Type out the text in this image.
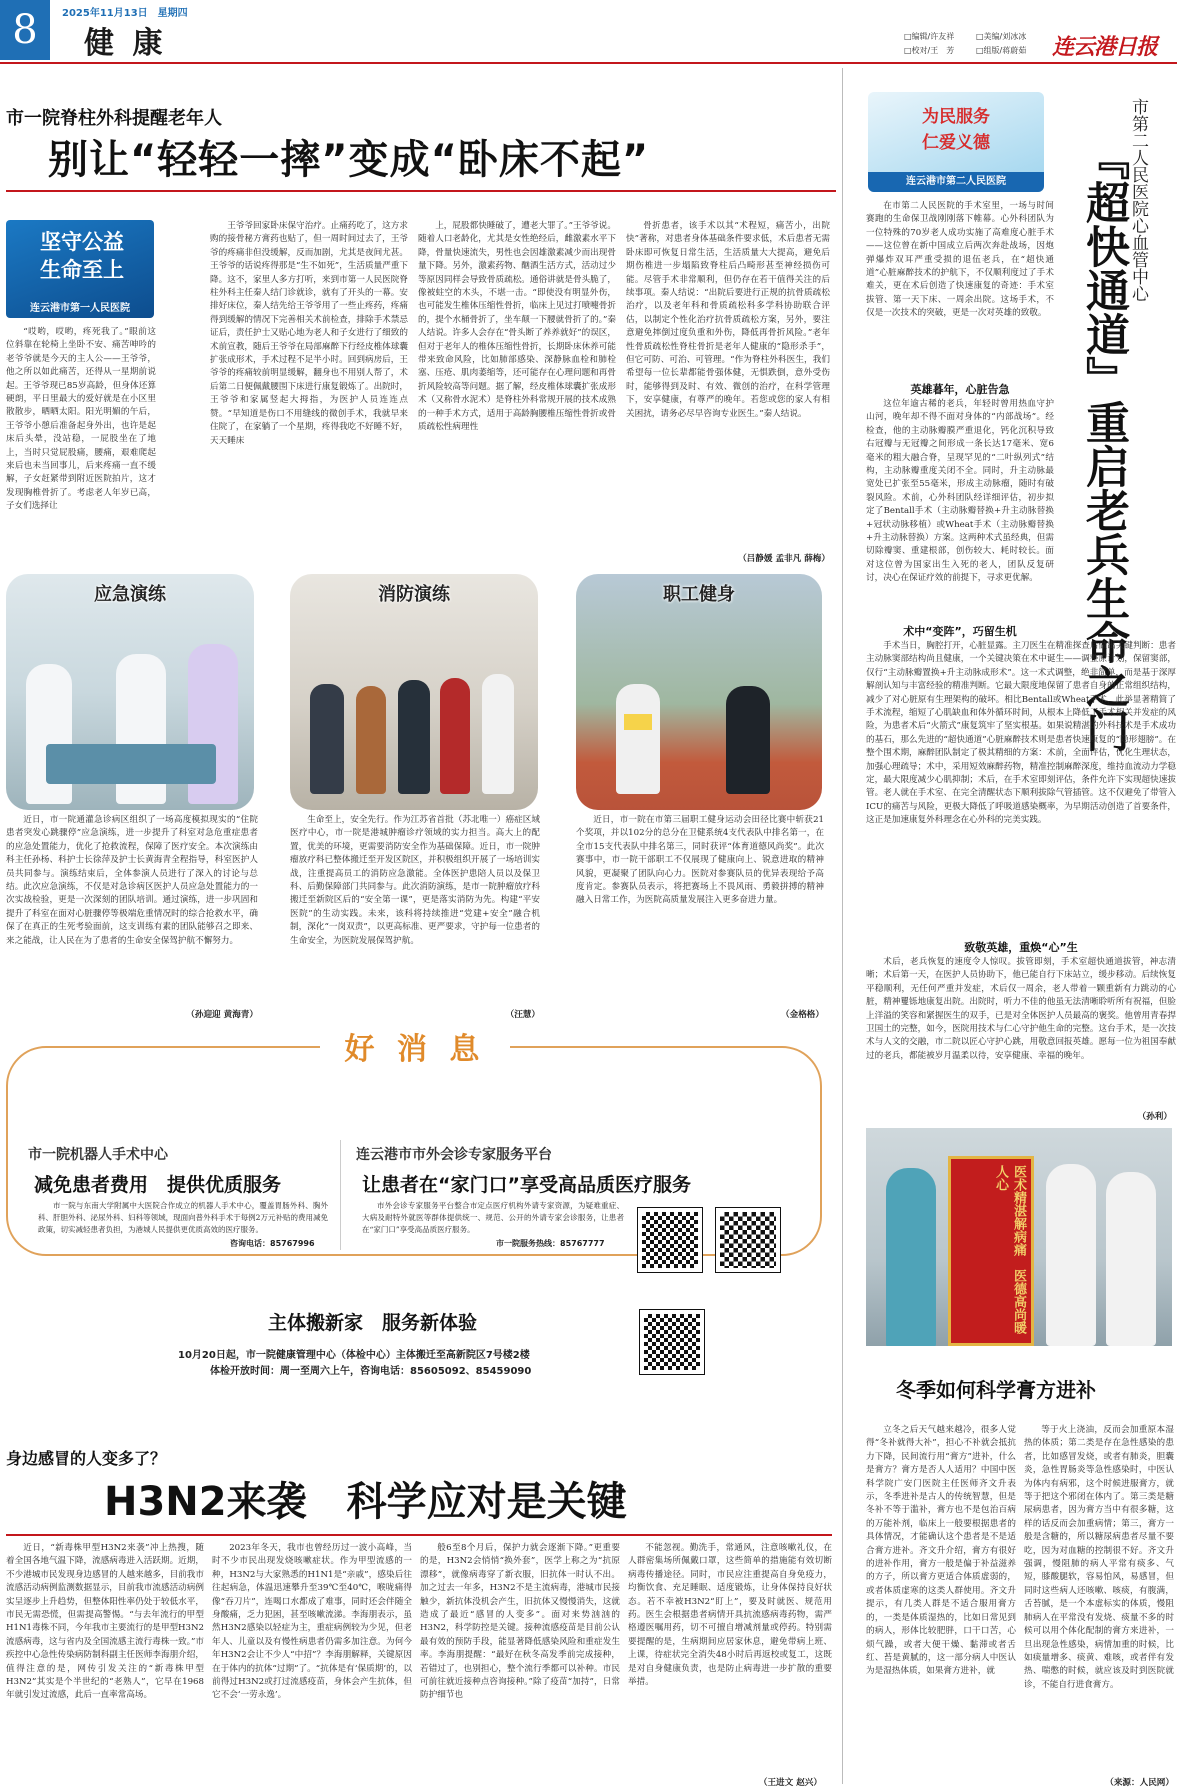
8	2025年11月13日　星期四
健 康	□编辑/许友祥	□美编/刘冰冰
□校对/王　芳	□组版/蒋蔚茹	连云港日报
市一院脊柱外科提醒老年人
别让“轻轻一摔”变成“卧床不起”
坚守公益
生命至上
连云港市第一人民医院

“哎哟，哎哟，疼死我了。”眼前这位斜靠在轮椅上坐卧不安、痛苦呻吟的老爷爷就是今天的主人公——王爷爷，他之所以如此痛苦，还得从一星期前说起。王爷爷现已85岁高龄，但身体还算硬朗，平日里最大的爱好就是在小区里散散步，晒晒太阳。阳光明媚的午后，王爷爷小憩后准备起身外出，也许是起床后头晕，没站稳，一屁股坐在了地上，当时只觉屁股痛，腰痛，艰难爬起来后也未当回事儿，后来疼痛一直不缓解，子女赶紧带到附近医院拍片，这才发现胸椎骨折了。考虑老人年岁已高，子女们选择让

王爷爷回家卧床保守治疗。止痛药吃了，这方求购的接骨秘方膏药也贴了，但一周时间过去了，王爷爷的疼痛非但没缓解，反而加剧，尤其是夜间尤甚。王爷爷的话说疼得那是“生不如死”，生活质量严重下降。这不，家里人多方打听，来到市第一人民医院脊柱外科主任秦人结门诊就诊，就有了开头的一幕。安排好床位，秦人结先给王爷爷用了一些止疼药，疼痛得到缓解的情况下完善相关术前检查，排除手术禁忌证后，责任护士又贴心地为老人和子女进行了细致的术前宣教，随后王爷爷在局部麻醉下行经皮椎体球囊扩张成形术，手术过程不足半小时。回到病房后，王爷爷的疼痛较前明显缓解，翻身也不用别人帮了，术后第二日便佩戴腰围下床进行康复锻炼了。出院时，王爷爷和家属竖起大拇指，为医护人员连连点赞。“早知道是伤口不用缝线的微创手术，我就早来住院了，在家躺了一个星期，疼得我吃不好睡不好，天天睡床

上，屁股都快睡破了，遭老大罪了。”王爷爷说。随着人口老龄化，尤其是女性绝经后，雌激素水平下降，骨量快速流失，男性也会因雄激素减少而出现骨量下降。另外，激素药物、酗酒生活方式，活动过少等原因同样会导致骨质疏松。通俗讲就是骨头脆了，像被蛀空的木头，不堪一击。“即使没有明显外伤，也可能发生椎体压缩性骨折，临床上见过打喷嚏骨折的，提个水桶骨折了，坐车颠一下腰就骨折了的。”秦人结说。许多人会存在“骨头断了养养就好”的误区，但对于老年人的椎体压缩性骨折，长期卧床休养可能带来致命风险，比如肺部感染、深静脉血栓和肺栓塞、压疮、肌肉萎缩等，还可能存在心理问题和再骨折风险较高等问题。据了解，经皮椎体球囊扩张成形术（又称骨水泥术）是脊柱外科常规开展的技术成熟的一种手术方式，适用于高龄胸腰椎压缩性骨折或骨质疏松性病理性

骨折患者，该手术以其“术程短，痛苦小，出院快”著称，对患者身体基础条件要求低，术后患者无需卧床即可恢复日常生活，生活质量大大提高，避免后期伤椎进一步塌陷致脊柱后凸畸形甚至神经损伤可能。尽管手术非常顺利，但仍存在若干值得关注的后续事项。秦人结说：“出院后要进行正规的抗骨质疏松治疗，以及老年科和骨质疏松科多学科协助联合评估，以制定个性化治疗抗骨质疏松方案，另外，要注意避免摔倒过度负重和外伤，降低再骨折风险。”老年性骨质疏松性脊柱骨折是老年人健康的“隐形杀手”，但它可防、可治、可管理。“作为脊柱外科医生，我们希望每一位长辈都能骨强体健，无惧跌倒，意外受伤时，能够得到及时、有效、微创的治疗，在科学管理下，安享健康，有尊严的晚年。若您或您的家人有相关困扰，请务必尽早咨询专业医生。”秦人结说。

（吕静媛 孟非凡 薛梅）
应急演练	消防演练	职工健身

近日，市一院通灌急诊病区组织了一场高度模拟现实的“住院患者突发心跳骤停”应急演练，进一步提升了科室对急危重症患者的应急处置能力，优化了抢救流程，保障了医疗安全。本次演练由科主任孙杨、科护士长徐萍及护士长黄海青全程指导，科室医护人员共同参与。演练结束后，全体参演人员进行了深入的讨论与总结。此次应急演练，不仅是对急诊病区医护人员应急处置能力的一次实战检验，更是一次深刻的团队培训。通过演练，进一步巩固和提升了科室在面对心脏骤停等极端危重情况时的综合抢救水平，确保了在真正的生死考验面前，这支训练有素的团队能够召之即来、来之能战，让人民在为了患者的生命安全保驾护航不懈努力。

（孙迎迎 黄海青）

生命至上，安全先行。作为江苏省首批（苏北唯一）癌症区域医疗中心，市一院是港城肿瘤诊疗领域的实力担当。高大上的配置，优美的环境，更需要消防安全作为基础保障。近日，市一院肿瘤放疗科已整体搬迁至开发区院区，并积极组织开展了一场培训实战，注重提高员工的消防应急激能。全体医护患陪人员以及保卫科、后勤保障部门共同参与。此次消防演练，是市一院肿瘤放疗科搬迁至新院区后的“安全第一课”，更是落实消防为先。构建“平安医院”的生动实践。未来，该科将持续推进“党建+安全”融合机制，深化“一岗双责”，以更高标准、更严要求，守护每一位患者的生命安全，为医院发展保驾护航。

（汪慧）

近日，市一院在市第三届职工健身运动会田径比赛中斩获21个奖项，并以102分的总分在卫健系统4支代表队中排名第一，在全市15支代表队中排名第三，同时获评“体育道德风尚奖”。此次赛事中，市一院干部职工不仅展现了健康向上、锐意进取的精神风貌，更凝聚了团队向心力。医院对参赛队员的优异表现给予高度肯定。参赛队员表示，将把赛场上不畏风雨、勇毅拼搏的精神融入日常工作，为医院高质量发展注入更多奋进力量。

（金格格）
好 消 息
市一院机器人手术中心
减免患者费用　提供优质服务

市一院与东南大学附属中大医院合作成立的机器人手术中心，覆盖胃肠外科、胸外科、肝胆外科、泌尿外科、妇科等领域，现面向普外科手术于每例2万元补贴的费用减免政策，切实减轻患者负担，为港城人民提供更优质高效的医疗服务。

咨询电话：85767996
连云港市市外会诊专家服务平台
让患者在“家门口”享受高品质医疗服务

市外会诊专家服务平台整合市定点医疗机构外请专家资源，为疑难重症、大病及耐特外就医等群体提供统一、规范、公开的外请专家会诊服务，让患者在“家门口”享受高品质医疗服务。

市一院服务热线：85767777
主体搬新家　服务新体验
10月20日起，市一院健康管理中心（体检中心）主体搬迁至高新院区7号楼2楼
体检开放时间：周一至周六上午，咨询电话：85605092、85459090
身边感冒的人变多了？
H3N2来袭　科学应对是关键

近日，“新毒株甲型H3N2来袭”冲上热搜，随着全国各地气温下降，流感病毒进入活跃期。近期，不少港城市民发现身边感冒的人越来越多，目前我市流感活动病例监测数据显示，目前我市流感活动病例实呈逐步上升趋势，但整体阳性率仍处于较低水平，市民无需恐慌，但需提高警惕。“与去年流行的甲型H1N1毒株不同，今年我市主要流行的是甲型H3N2流感病毒，这与省内及全国流感主流行毒株一致。”市疾控中心急性传染病防制科副主任医师李海朋介绍，值得注意的是，网传引发关注的“新毒株甲型H3N2”其实是个半世纪的“老熟人”，它早在1968年就引发过流感，此后一直率常高场。

2023年冬天，我市也曾经历过一波小高峰，当时不少市民出现发烧咳嗽症状。作为甲型流感的一种，H3N2与大家熟悉的H1N1是“亲戚”，感染后往往起病急，体温迅速攀升至39℃至40℃，喉咙痛得像“吞刀片”，连喝口水都成了难事，同时还会伴随全身酸痛，乏力犯困，甚至咳嗽流涕。李海朋表示，虽然H3N2感染以轻症为主，重症病例较为少见，但老年人、儿童以及有慢性病患者仍需多加注意。为何今年H3N2会让不少人“中招”？李海朋解释，关键原因在于体内的抗体“过期”了。“抗体是有‘保质期’的，以前得过H3N2或打过流感疫苗，身体会产生抗体，但它不会‘一劳永逸’。

般6至8个月后，保护力就会逐渐下降。”更重要的是，H3N2会悄悄“换外套”，医学上称之为“抗原漂移”，就像病毒穿了新衣服，旧抗体一时认不出。加之过去一年多，H3N2不是主流病毒，港城市民接触少，新抗体没机会产生，旧抗体又慢慢消失，这就造成了最近“感冒的人变多”。面对来势汹汹的H3N2，科学防控是关键。接种流感疫苗是目前公认最有效的预防手段，能显著降低感染风险和重症发生率。李海朋提醒：“最好在秋冬高发季前完成接种，若错过了，也别担心，整个流行季都可以补种。市民可前往就近接种点咨询接种。”除了疫苗“加持”，日常防护细节也

不能忽视。勤洗手，常通风，注意咳嗽礼仪，在人群密集场所佩戴口罩，这些简单的措施能有效切断病毒传播途径。同时，市民应注重提高自身免疫力，均衡饮食、充足睡眠、适度锻炼，让身体保持良好状态。若不幸被H3N2“盯上”，要及时就医、规范用药。医生会根据患者病情开具抗流感病毒药物，需严格遵医嘱用药，切不可擅自增减剂量或停药。特别需要提醒的是，生病期间应居家休息，避免带病上班、上课，待症状完全消失48小时后再返校或复工，这既是对自身健康负责，也是防止病毒进一步扩散的重要举措。

（王进文 赵兴）
为民服务
仁爱义德
连云港市第二人民医院	市第二人民医院心血管中心
『超快通道』重启老兵生命之门

在市第二人民医院的手术室里，一场与时间赛跑的生命保卫战刚刚落下帷幕。心外科团队为一位特殊的70岁老人成功实施了高难度心脏手术——这位曾在新中国成立后两次奔赴战场，因炮弹爆炸双耳严重受损的退伍老兵，在“超快通道”心脏麻醉技术的护航下，不仅顺利度过了手术难关，更在术后创造了快速康复的奇迹：手术室拔管、第一天下床、一周余出院。这场手术，不仅是一次技术的突破，更是一次对英雄的致敬。

英雄暮年，心脏告急

这位年逾古稀的老兵，年轻时曾用热血守护山河，晚年却不得不面对身体的“内部战场”。经检查，他的主动脉瓣膜严重退化，钙化沉积导致右冠瓣与无冠瓣之间形成一条长达17毫米、宽6毫米的粗大融合脊，呈现罕见的“二叶纵列式”结构，主动脉瓣重度关闭不全。同时，升主动脉最宽处已扩张至55毫米，形成主动脉瘤，随时有破裂风险。术前，心外科团队经详细评估，初步拟定了Bentall手术（主动脉瓣替换+升主动脉替换+冠状动脉移植）或Wheat手术（主动脉瓣替换+升主动脉替换）方案。这两种术式虽经典，但需切除瓣窦、重建根部，创伤较大、耗时较长。面对这位曾为国家出生入死的老人，团队反复研讨，决心在保证疗效的前提下，寻求更优解。

术中“变阵”，巧留生机

手术当日，胸腔打开，心脏显露。主刀医生在精准探查后做出关键判断：患者主动脉窦部结构尚且健康，一个关键决策在术中诞生——调整原计划，保留窦部，仅行“主动脉瓣置换+升主动脉成形术”。这一术式调整，绝非简单，而是基于深厚解剖认知与丰富经验的精准判断。它最大限度地保留了患者自身的正常组织结构，减少了对心脏原有生理架构的破坏。相比Bentall或Wheat手术，此举显著精简了手术流程，缩短了心肌缺血和体外循环时间，从根本上降低了手术相关并发症的风险，为患者术后“火箭式”康复筑牢了坚实根基。如果说精湛的外科技术是手术成功的基石，那么先进的“超快通道”心脏麻醉技术则是患者快速康复的“隐形翅膀”。在整个围术期，麻醉团队制定了极其精细的方案：术前，全面评估，优化生理状态，加强心理疏导；术中，采用短效麻醉药物，精准控制麻醉深度，维持血流动力学稳定，最大限度减少心肌抑制；术后，在手术室即刻评估，条件允许下实现超快速拔管。老人就在手术室、在完全清醒状态下顺利拔除气管插管。这不仅避免了带管入ICU的痛苦与风险，更极大降低了呼吸道感染概率，为早期活动创造了首要条件，这正是加速康复外科理念在心外科的完美实践。

致敬英雄，重焕“心”生

术后，老兵恢复的速度令人惊叹。拔管即刻，手术室超快通道拔管，神志清晰；术后第一天，在医护人员协助下，他已能自行下床站立，缓步移动。后续恢复平稳顺利，无任何严重并发症，术后仅一周余，老人带着一颗重新有力跳动的心脏，精神矍铄地康复出院。出院时，听力不佳的他虽无法清晰聆听所有祝福，但脸上洋溢的笑容和紧握医生的双手，已是对全体医护人员最高的褒奖。他曾用青春捍卫国土的完整，如今，医院用技术与仁心守护他生命的完整。这台手术，是一次技术与人文的交融，市二院以匠心守护心跳，用敬意回报英雄。愿每一位为祖国奉献过的老兵，都能被岁月温柔以待，安享健康、幸福的晚年。

（孙利）
医术精湛解病痛　医德高尚暖人心
冬季如何科学膏方进补

立冬之后天气越来越冷，很多人觉得“冬补就得大补”，担心不补就会抵抗力下降，民间流行用“膏方”进补，什么是膏方？膏方是否人人适用？中国中医科学院广安门医院主任医师齐文升表示，冬季进补是古人的传统智慧，但是冬补不等于滥补，膏方也不是包治百病的万能补剂，临床上一般要根据患者的具体情况，才能确认这个患者是不是适合膏方进补。齐文升介绍，膏方有很好的进补作用，膏方一般是偏于补益滋养的方子，所以膏方更适合体质虚弱的，或者体质虚寒的这类人群使用。齐文升提示，有几类人群是不适合服用膏方的，一类是体质湿热的，比如日常见到的病人，形体比较肥胖，口干口苦，心烦气躁，或者大便干燥、黏滞或者舌红、苔是黄腻的，这一部分病人中医认为是湿热体质，如果膏方进补，就

等于火上浇油，反而会加重原本湿热的体质；第二类是存在急性感染的患者，比如感冒发烧，或者有肺炎，胆囊炎，急性胃肠炎等急性感染时，中医认为体内有病邪，这个时候进服膏方，就等于把这个邪闭在体内了。第三类是糖尿病患者，因为膏方当中有很多糖，这样的话反而会加重病情；第三，膏方一般是含糖的，所以糖尿病患者尽量不要吃，因为对血糖的控制很不好。齐文升强调，慢阻肺的病人平常有痰多、气短，膝酸腿软，容易怕风，易感冒，但同时这些病人还咳嗽、咳痰，有腹满，舌苔腻，是一个本虚标实的体质，慢阻肺病人在平常没有发烧、痰量不多的时候可以用个体化配制的膏方来进补，一旦出现急性感染，病情加重的时候，比如痰量增多、痰黄、难咳，或者伴有发热、喘憋的时候，就应该及时到医院就诊，不能自行进食膏方。

（来源：人民网）
